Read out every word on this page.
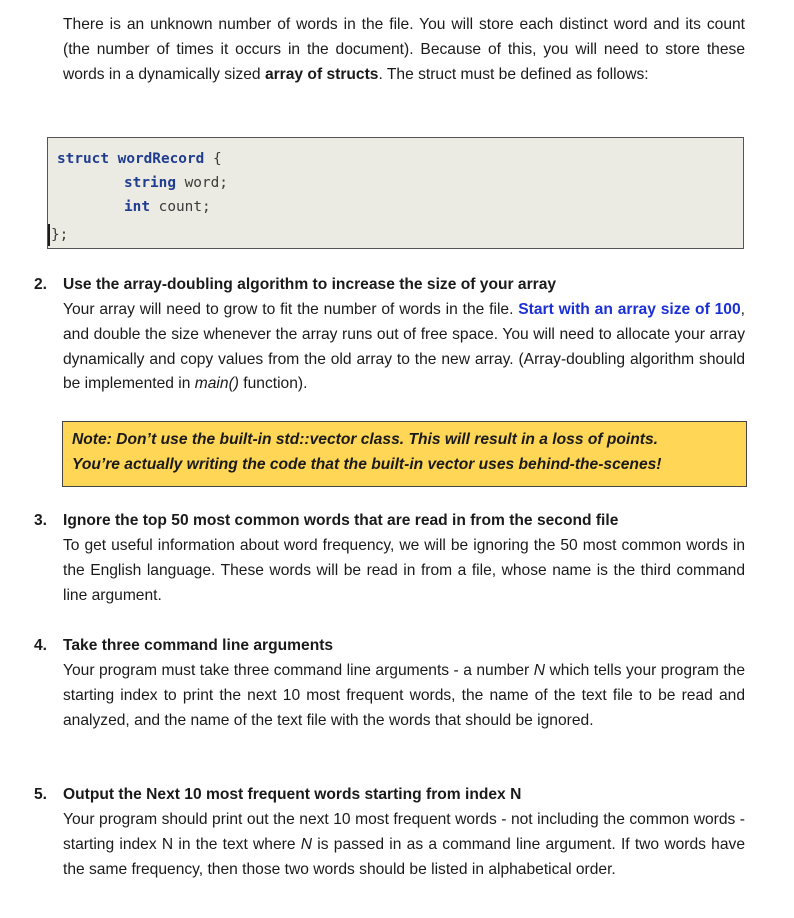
There is an unknown number of words in the file. You will store each distinct word and its count (the number of times it occurs in the document). Because of this, you will need to store these words in a dynamically sized array of structs. The struct must be defined as follows:

struct wordRecord {
string word;
int count;
};
2. Use the array-doubling algorithm to increase the size of your array

Your array will need to grow to fit the number of words in the file. Start with an array size of 100, and double the size whenever the array runs out of free space. You will need to allocate your array dynamically and copy values from the old array to the new array. (Array-doubling algorithm should be implemented in main() function).

Note: Don’t use the built-in std::vector class. This will result in a loss of points.
You’re actually writing the code that the built-in vector uses behind-the-scenes!
3. Ignore the top 50 most common words that are read in from the second file

To get useful information about word frequency, we will be ignoring the 50 most common words in the English language. These words will be read in from a file, whose name is the third command line argument.

4. Take three command line arguments

Your program must take three command line arguments - a number N which tells your program the starting index to print the next 10 most frequent words, the name of the text file to be read and analyzed, and the name of the text file with the words that should be ignored.

5. Output the Next 10 most frequent words starting from index N

Your program should print out the next 10 most frequent words - not including the common words - starting index N in the text where N is passed in as a command line argument. If two words have the same frequency, then those two words should be listed in alphabetical order.
